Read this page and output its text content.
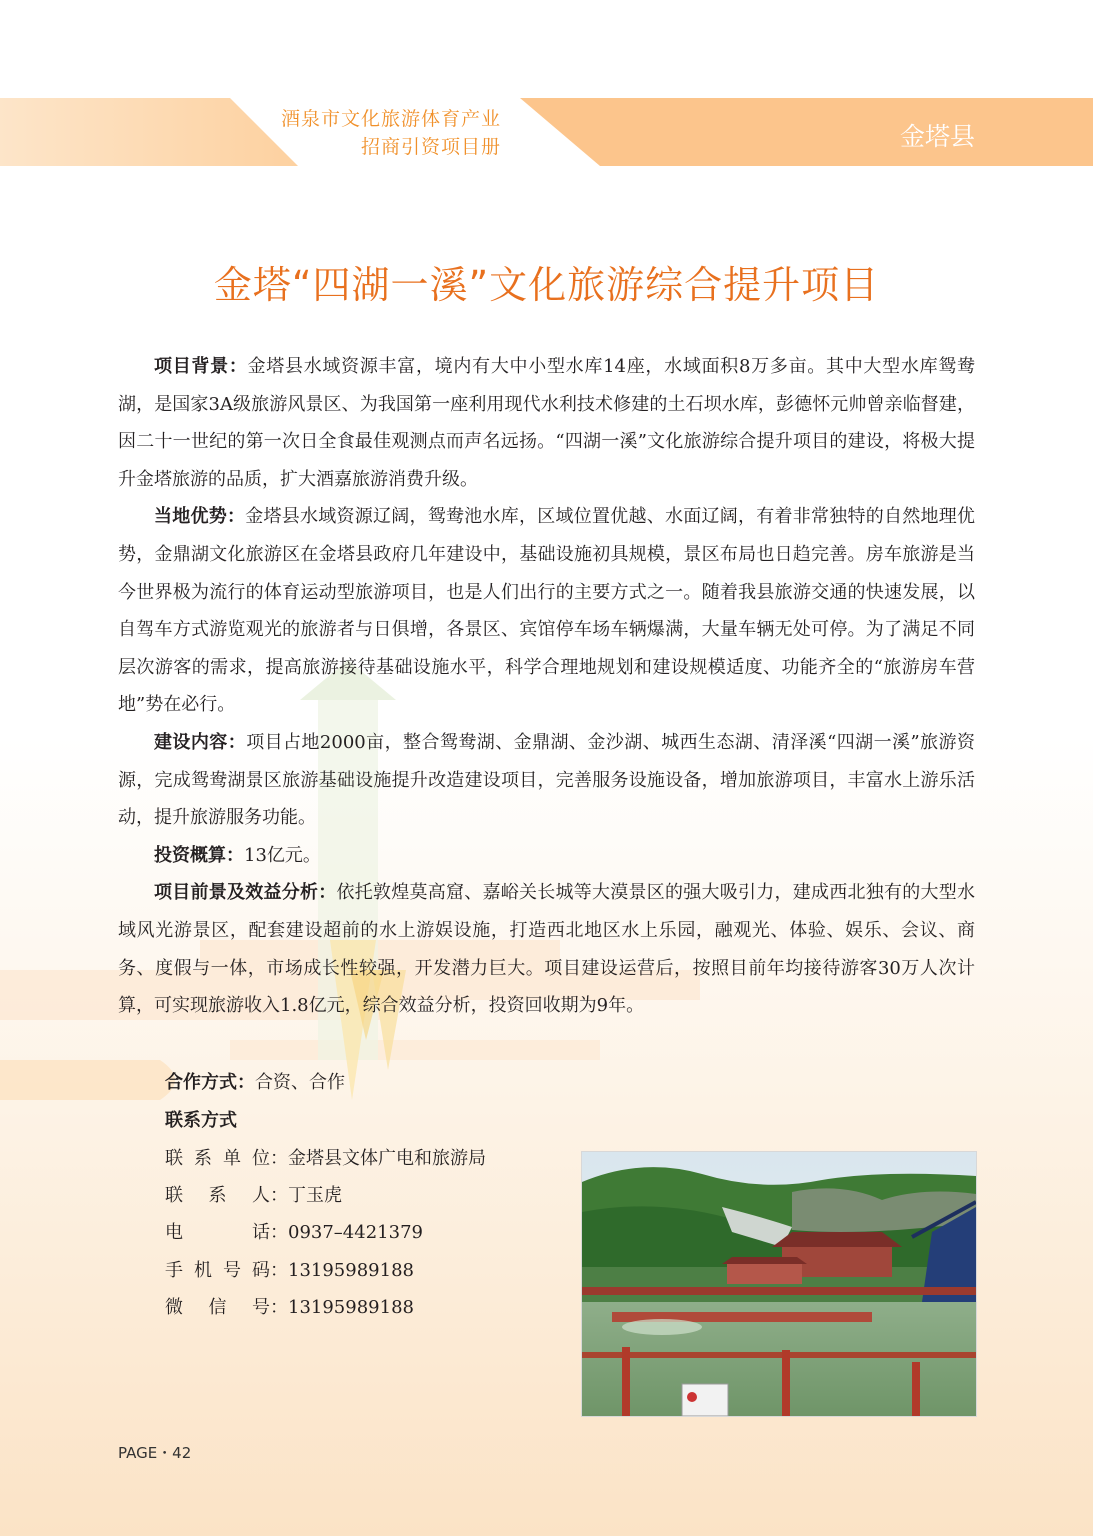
酒泉市文化旅游体育产业
招商引资项目册	金塔县
金塔“四湖一溪”文化旅游综合提升项目

项目背景：金塔县水域资源丰富，境内有大中小型水库14座，水域面积8万多亩。其中大型水库鸳鸯湖，是国家3A级旅游风景区、为我国第一座利用现代水利技术修建的土石坝水库，彭德怀元帅曾亲临督建，因二十一世纪的第一次日全食最佳观测点而声名远扬。“四湖一溪”文化旅游综合提升项目的建设，将极大提升金塔旅游的品质，扩大酒嘉旅游消费升级。

当地优势：金塔县水域资源辽阔，鸳鸯池水库，区域位置优越、水面辽阔，有着非常独特的自然地理优势，金鼎湖文化旅游区在金塔县政府几年建设中，基础设施初具规模，景区布局也日趋完善。房车旅游是当今世界极为流行的体育运动型旅游项目，也是人们出行的主要方式之一。随着我县旅游交通的快速发展，以自驾车方式游览观光的旅游者与日俱增，各景区、宾馆停车场车辆爆满，大量车辆无处可停。为了满足不同层次游客的需求，提高旅游接待基础设施水平，科学合理地规划和建设规模适度、功能齐全的“旅游房车营地”势在必行。

建设内容：项目占地2000亩，整合鸳鸯湖、金鼎湖、金沙湖、城西生态湖、清泽溪“四湖一溪”旅游资源，完成鸳鸯湖景区旅游基础设施提升改造建设项目，完善服务设施设备，增加旅游项目，丰富水上游乐活动，提升旅游服务功能。

投资概算：13亿元。

项目前景及效益分析：依托敦煌莫高窟、嘉峪关长城等大漠景区的强大吸引力，建成西北独有的大型水域风光游景区，配套建设超前的水上游娱设施，打造西北地区水上乐园，融观光、体验、娱乐、会议、商务、度假与一体，市场成长性较强，开发潜力巨大。项目建设运营后，按照目前年均接待游客30万人次计算，可实现旅游收入1.8亿元，综合效益分析，投资回收期为9年。

合作方式：合资、合作
联系方式
联系单位：金塔县文体广电和旅游局
联系人：丁玉虎
电话：0937–4421379
手机号码：13195989188
微信号：13195989188
PAGE・42
